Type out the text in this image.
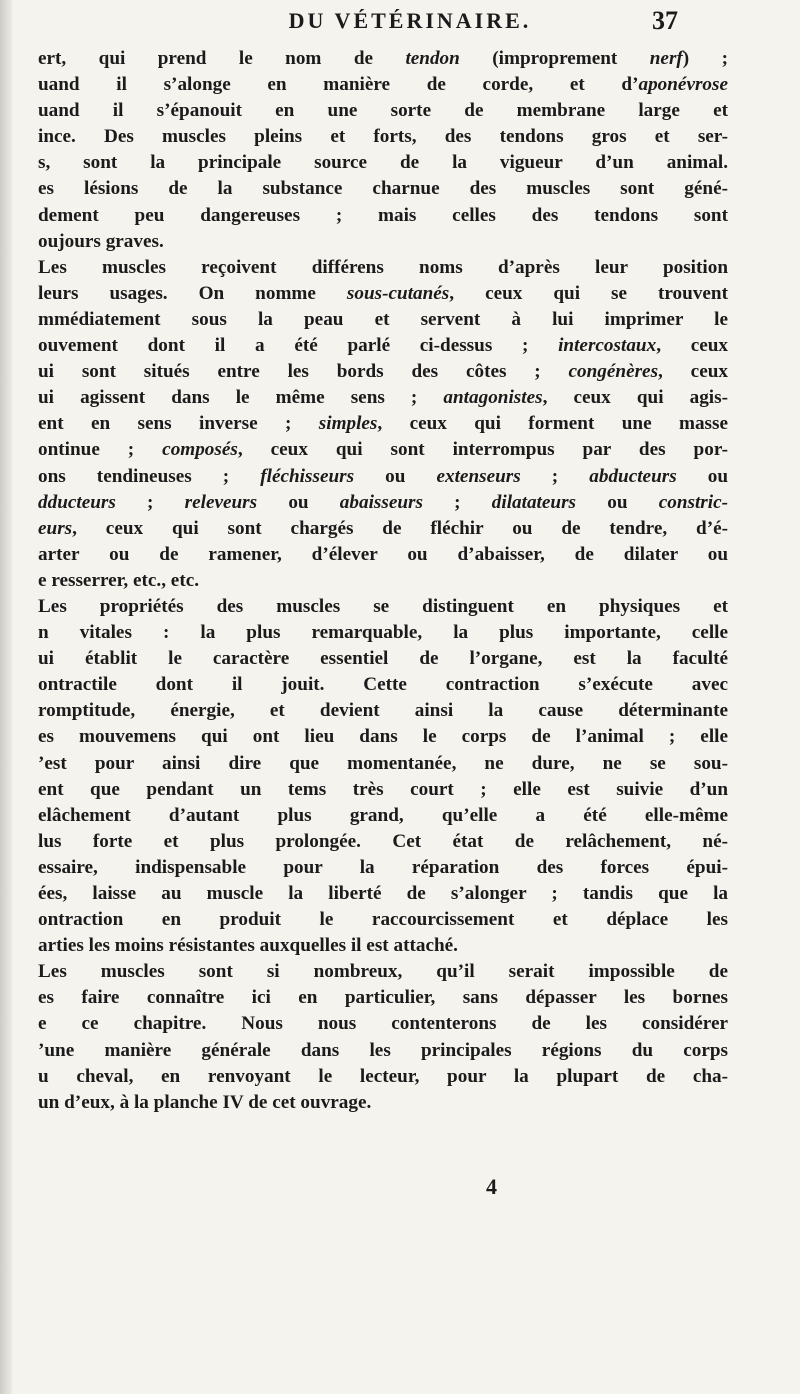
DU VÉTÉRINAIRE.	37
ert, qui prend le nom de tendon (improprement nerf) ;
uand il s’alonge en manière de corde, et d’aponévrose
uand il s’épanouit en une sorte de membrane large et
ince. Des muscles pleins et forts, des tendons gros et ser-
s, sont la principale source de la vigueur d’un animal.
es lésions de la substance charnue des muscles sont géné-
dement peu dangereuses ; mais celles des tendons sont
oujours graves.
Les muscles reçoivent différens noms d’après leur position
leurs usages. On nomme sous-cutanés, ceux qui se trouvent
mmédiatement sous la peau et servent à lui imprimer le
ouvement dont il a été parlé ci-dessus ; intercostaux, ceux
ui sont situés entre les bords des côtes ; congénères, ceux
ui agissent dans le même sens ; antagonistes, ceux qui agis-
ent en sens inverse ; simples, ceux qui forment une masse
ontinue ; composés, ceux qui sont interrompus par des por-
ons tendineuses ; fléchisseurs ou extenseurs ; abducteurs ou
dducteurs ; releveurs ou abaisseurs ; dilatateurs ou constric-
eurs, ceux qui sont chargés de fléchir ou de tendre, d’é-
arter ou de ramener, d’élever ou d’abaisser, de dilater ou
e resserrer, etc., etc.
Les propriétés des muscles se distinguent en physiques et
n vitales : la plus remarquable, la plus importante, celle
ui établit le caractère essentiel de l’organe, est la faculté
ontractile dont il jouit. Cette contraction s’exécute avec
romptitude, énergie, et devient ainsi la cause déterminante
es mouvemens qui ont lieu dans le corps de l’animal ; elle
’est pour ainsi dire que momentanée, ne dure, ne se sou-
ent que pendant un tems très court ; elle est suivie d’un
elâchement d’autant plus grand, qu’elle a été elle-même
lus forte et plus prolongée. Cet état de relâchement, né-
essaire, indispensable pour la réparation des forces épui-
ées, laisse au muscle la liberté de s’alonger ; tandis que la
ontraction en produit le raccourcissement et déplace les
arties les moins résistantes auxquelles il est attaché.
Les muscles sont si nombreux, qu’il serait impossible de
es faire connaître ici en particulier, sans dépasser les bornes
e ce chapitre. Nous nous contenterons de les considérer
’une manière générale dans les principales régions du corps
u cheval, en renvoyant le lecteur, pour la plupart de cha-
un d’eux, à la planche IV de cet ouvrage.
4
